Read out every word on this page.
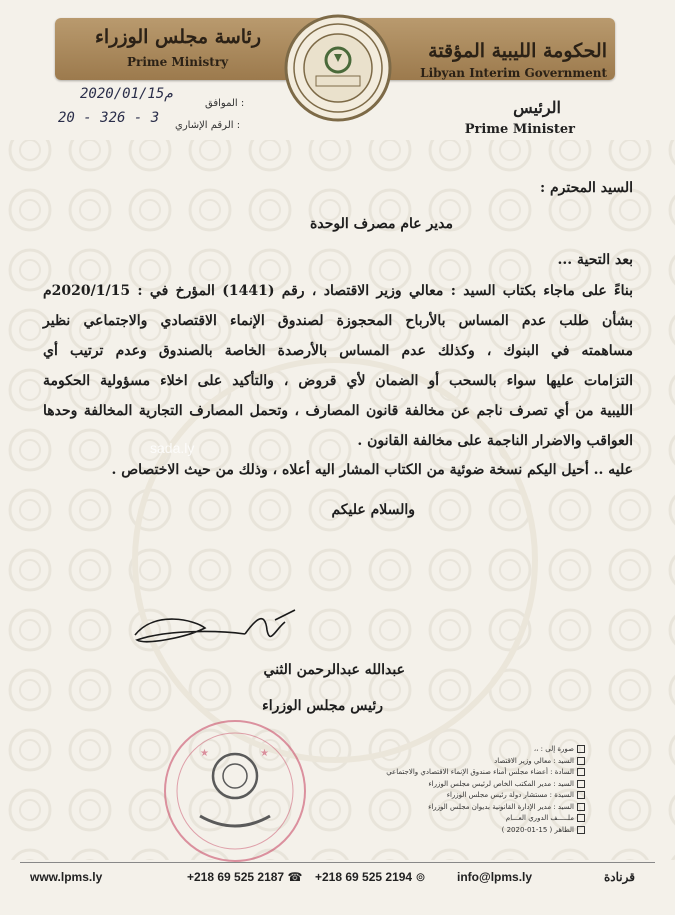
رئاسة مجلس الوزراء
Prime Ministry	الحكومة الليبية المؤقتة
Libyan Interim Government
الرئيس
Prime Minister
الموافق :
2020/01/15م
الرقم الإشاري :
20 - 326 - 3
السيد المحترم :
مدير عام مصرف الوحدة
بعد التحية ...
بناءً على ماجاء بكتاب السيد : معالي وزير الاقتصاد ، رقم (1441) المؤرخ في : 2020/1/15م
بشأن طلب عدم المساس بالأرباح المحجوزة لصندوق الإنماء الاقتصادي والاجتماعي نظير
مساهمته في البنوك ، وكذلك عدم المساس بالأرصدة الخاصة بالصندوق وعدم ترتيب أي
التزامات عليها سواء بالسحب أو الضمان لأي قروض ، والتأكيد على اخلاء مسؤولية الحكومة
الليبية من أي تصرف ناجم عن مخالفة قانون المصارف ، وتحمل المصارف التجارية المخالفة وحدها
العواقب والاضرار الناجمة على مخالفة القانون .
عليه .. أحيل اليكم نسخة ضوئية من الكتاب المشار اليه أعلاه ، وذلك من حيث الاختصاص .
والسلام عليكم
sada.ly
عبدالله عبدالرحمن الثني
رئيس مجلس الوزراء
★	★	صورة إلى : ،،
السيد : معالي وزير الاقتصاد
السادة : أعضاء مجلس أمناء صندوق الإنماء الاقتصادي والاجتماعي
السيد : مدير المكتب الخاص لرئيس مجلس الوزراء
السيدة : مستشار دولة رئيس مجلس الوزراء
السيد : مدير الإدارة القانونية بديوان مجلس الوزراء
ملـــــف الدوري العـــام
الطاهر ( 15-01-2020 )
www.lpms.ly	+218 69 525 2187 ☎ +218 69 525 2194 ⊚	info@lpms.ly	قرنادة
